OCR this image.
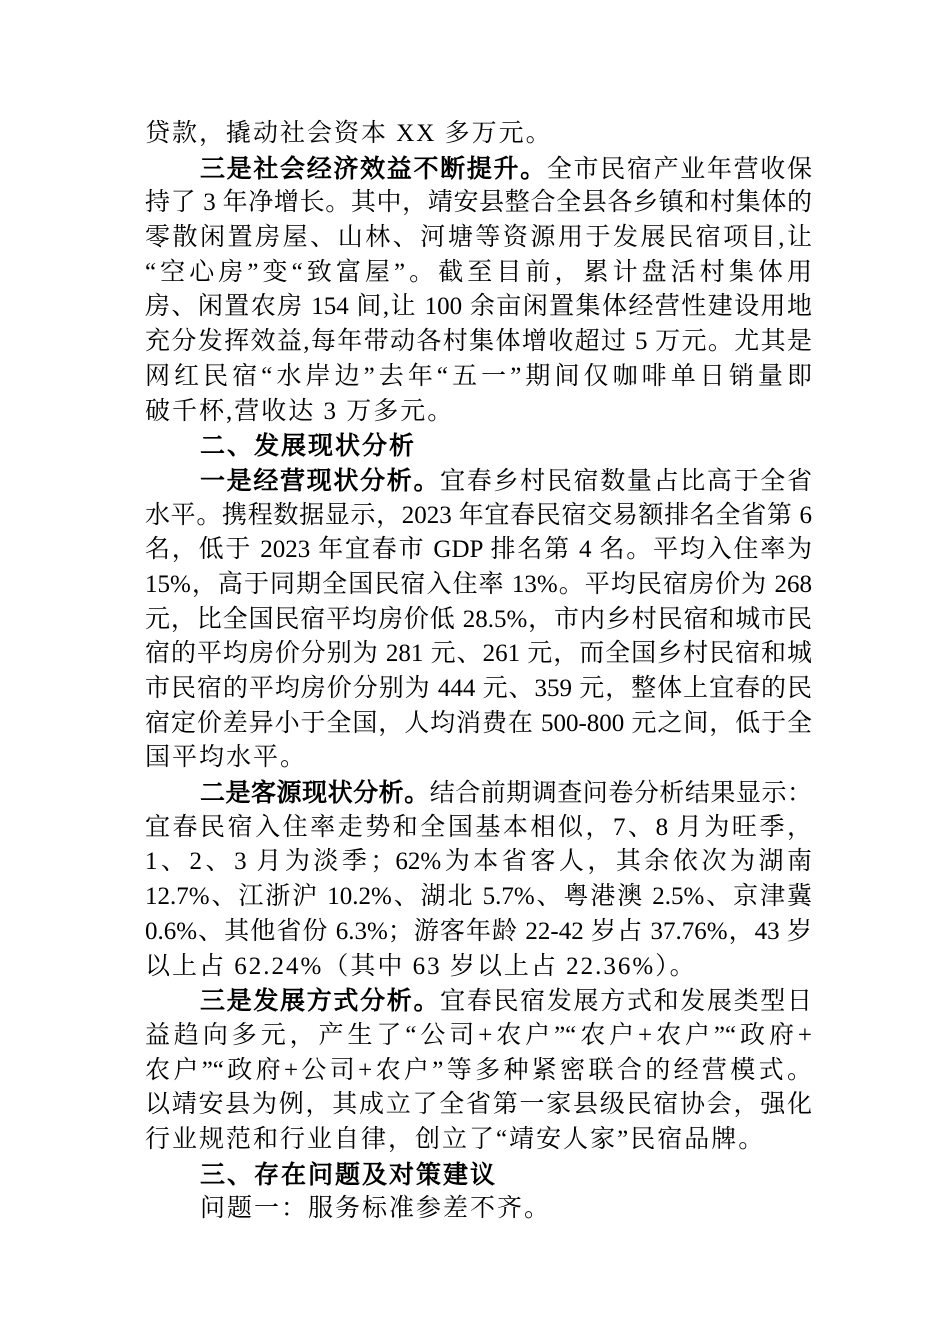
贷款，撬动社会资本 XX 多万元。
三是社会经济效益不断提升。全市民宿产业年营收保
持了 3 年净增长。其中，靖安县整合全县各乡镇和村集体的
零散闲置房屋、山林、河塘等资源用于发展民宿项目,让
“空心房”变“致富屋”。截至目前，累计盘活村集体用
房、闲置农房 154 间,让 100 余亩闲置集体经营性建设用地
充分发挥效益,每年带动各村集体增收超过 5 万元。尤其是
网红民宿“水岸边”去年“五一”期间仅咖啡单日销量即
破千杯,营收达 3 万多元。
二、发展现状分析
一是经营现状分析。宜春乡村民宿数量占比高于全省
水平。携程数据显示，2023 年宜春民宿交易额排名全省第 6
名，低于 2023 年宜春市 GDP 排名第 4 名。平均入住率为
15%，高于同期全国民宿入住率 13%。平均民宿房价为 268
元，比全国民宿平均房价低 28.5%，市内乡村民宿和城市民
宿的平均房价分别为 281 元、261 元，而全国乡村民宿和城
市民宿的平均房价分别为 444 元、359 元，整体上宜春的民
宿定价差异小于全国，人均消费在 500-800 元之间，低于全
国平均水平。
二是客源现状分析。结合前期调查问卷分析结果显示：
宜春民宿入住率走势和全国基本相似，7、8 月为旺季，
1、2、3 月为淡季；62%为本省客人，其余依次为湖南
12.7%、江浙沪 10.2%、湖北 5.7%、粤港澳 2.5%、京津冀
0.6%、其他省份 6.3%；游客年龄 22-42 岁占 37.76%，43 岁
以上占 62.24%（其中 63 岁以上占 22.36%）。
三是发展方式分析。宜春民宿发展方式和发展类型日
益趋向多元，产生了“公司+农户”“农户+农户”“政府+
农户”“政府+公司+农户”等多种紧密联合的经营模式。
以靖安县为例，其成立了全省第一家县级民宿协会，强化
行业规范和行业自律，创立了“靖安人家”民宿品牌。
三、存在问题及对策建议
问题一：服务标准参差不齐。
